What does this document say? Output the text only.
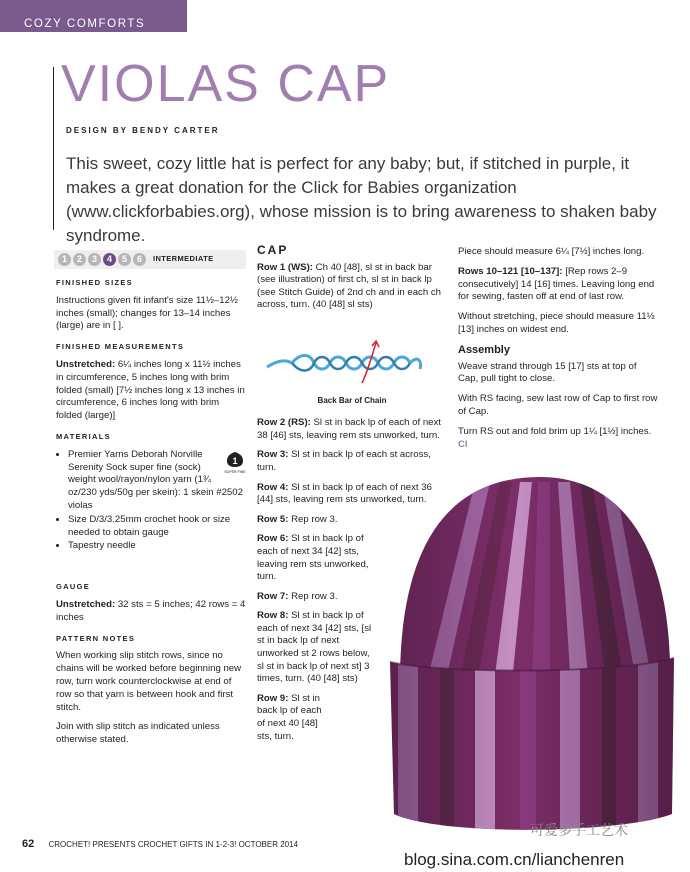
COZY COMFORTS
VIOLAS CAP
DESIGN BY BENDY CARTER
This sweet, cozy little hat is perfect for any baby; but, if stitched in purple, it makes a great donation for the Click for Babies organization (www.clickforbabies.org), whose mission is to bring awareness to shaken baby syndrome.
1	2	3	4	5	6	INTERMEDIATE
FINISHED SIZES

Instructions given fit infant's size 11½–12½ inches (small); changes for 13–14 inches (large) are in [ ].

FINISHED MEASUREMENTS

Unstretched: 6¼ inches long x 11½ inches in circumference, 5 inches long with brim folded (small) [7½ inches long x 13 inches in circumference, 6 inches long with brim folded (large)]

MATERIALS
• 1
SUPER FINE
Premier Yarns Deborah Norville Serenity Sock super fine (sock) weight wool/rayon/nylon yarn (1¾ oz/230 yds/50g per skein): 1 skein #2502 violas
• Size D/3/3.25mm crochet hook or size needed to obtain gauge
• Tapestry needle
GAUGE

Unstretched: 32 sts = 5 inches; 42 rows = 4 inches

PATTERN NOTES

When working slip stitch rows, since no chains will be worked before beginning new row, turn work counterclockwise at end of row so that yarn is between hook and first stitch.

Join with slip stitch as indicated unless otherwise stated.

CAP

Row 1 (WS): Ch 40 [48], sl st in back bar (see illustration) of first ch, sl st in back lp (see Stitch Guide) of 2nd ch and in each ch across, turn. (40 [48] sl sts)

Back Bar of Chain

Row 2 (RS): Sl st in back lp of each of next 38 [46] sts, leaving rem sts unworked, turn.

Row 3: Sl st in back lp of each st across, turn.

Row 4: Sl st in back lp of each of next 36 [44] sts, leaving rem sts unworked, turn.

Row 5: Rep row 3.

Row 6: Sl st in back lp of each of next 34 [42] sts, leaving rem sts unworked, turn.

Row 7: Rep row 3.

Row 8: Sl st in back lp of each of next 34 [42] sts, [sl st in back lp of next unworked st 2 rows below, sl st in back lp of next st] 3 times, turn. (40 [48] sts)

Row 9: Sl st in back lp of each of next 40 [48] sts, turn.

Piece should measure 6¼ [7½] inches long.

Rows 10–121 [10–137]: [Rep rows 2–9 consecutively] 14 [16] times. Leaving long end for sewing, fasten off at end of last row.

Without stretching, piece should measure 11½ [13] inches on widest end.

Assembly

Weave strand through 15 [17] sts at top of Cap, pull tight to close.

With RS facing, sew last row of Cap to first row of Cap.

Turn RS out and fold brim up 1¼ [1½] inches. CI

62 CROCHET! PRESENTS CROCHET GIFTS IN 1-2-3! OCTOBER 2014
可爱多手工艺术
blog.sina.com.cn/lianchenren
